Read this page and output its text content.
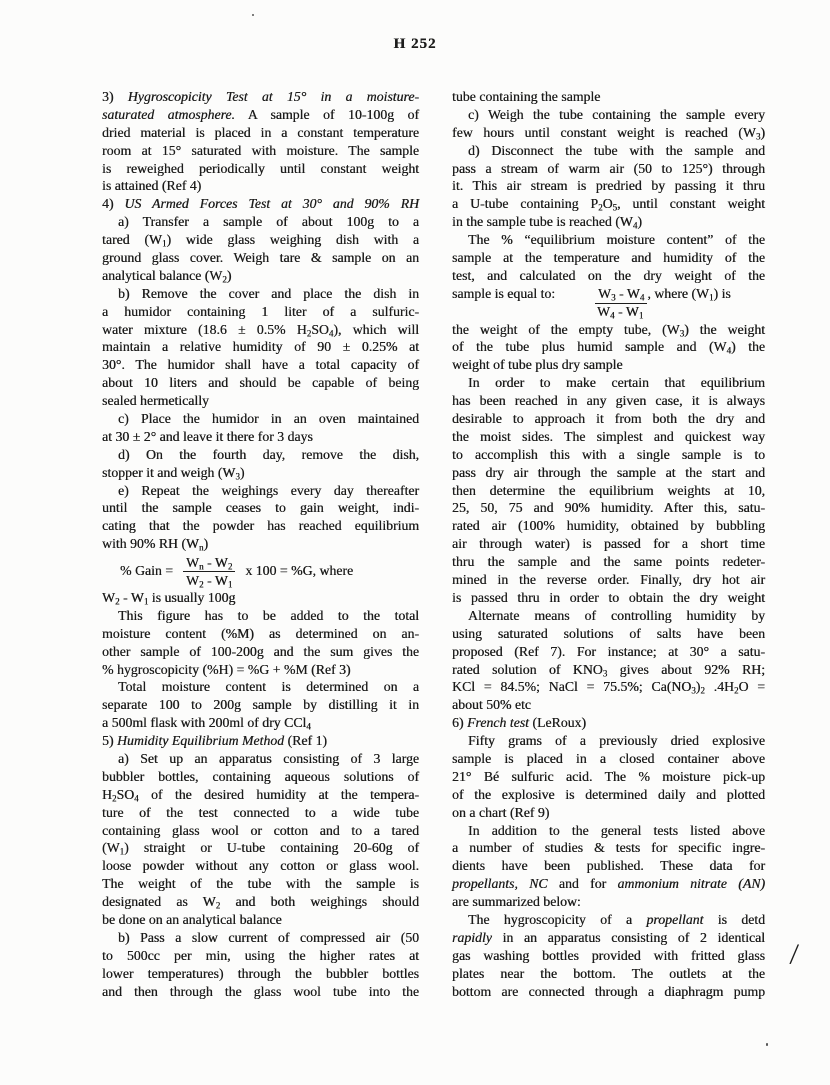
H 252
3) Hygroscopicity Test at 15° in a moisture-
saturated atmosphere. A sample of 10-100g of
dried material is placed in a constant temperature
room at 15° saturated with moisture. The sample
is reweighed periodically until constant weight
is attained (Ref 4)
4) US Armed Forces Test at 30° and 90% RH
a) Transfer a sample of about 100g to a
tared $(W_1)$ wide glass weighing dish with a
ground glass cover. Weigh tare & sample on an
analytical balance $(W_2)$
b) Remove the cover and place the dish in
a humidor containing 1 liter of a sulfuric-
water mixture (18.6 ± 0.5% $H_2SO_4$), which will
maintain a relative humidity of 90 ± 0.25% at
30°. The humidor shall have a total capacity of
about 10 liters and should be capable of being
sealed hermetically
c) Place the humidor in an oven maintained
at 30 ± 2° and leave it there for 3 days
d) On the fourth day, remove the dish,
stopper it and weigh $(W_3)$
e) Repeat the weighings every day thereafter
until the sample ceases to gain weight, indi-
cating that the powder has reached equilibrium
with 90% RH $(W_n)$
% Gain = $\frac{W_n - W_2}{W_2 - W_1}$ x 100 = %G, where
$W_2 - W_1$ is usually 100g
This figure has to be added to the total
moisture content (%M) as determined on an-
other sample of 100-200g and the sum gives the
% hygroscopicity (%H) = %G + %M (Ref 3)
Total moisture content is determined on a
separate 100 to 200g sample by distilling it in
a 500ml flask with 200ml of dry CCl$_4$
5) Humidity Equilibrium Method (Ref 1)
a) Set up an apparatus consisting of 3 large
bubbler bottles, containing aqueous solutions of
$H_2SO_4$ of the desired humidity at the tempera-
ture of the test connected to a wide tube
containing glass wool or cotton and to a tared
$(W_1)$ straight or U-tube containing 20-60g of
loose powder without any cotton or glass wool.
The weight of the tube with the sample is
designated as $W_2$ and both weighings should
be done on an analytical balance
b) Pass a slow current of compressed air (50
to 500cc per min, using the higher rates at
lower temperatures) through the bubbler bottles
and then through the glass wool tube into the
tube containing the sample
c) Weigh the tube containing the sample every
few hours until constant weight is reached $(W_3)$
d) Disconnect the tube with the sample and
pass a stream of warm air (50 to 125°) through
it. This air stream is predried by passing it thru
a U-tube containing $P_2O_5$, until constant weight
in the sample tube is reached $(W_4)$
The % “equilibrium moisture content” of the
sample at the temperature and humidity of the
test, and calculated on the dry weight of the
sample is equal to:	$W_3 - W_4$ , where $(W_1)$ is
$W_4 - W_1$
the weight of the empty tube, $(W_3)$ the weight
of the tube plus humid sample and $(W_4)$ the
weight of tube plus dry sample
In order to make certain that equilibrium
has been reached in any given case, it is always
desirable to approach it from both the dry and
the moist sides. The simplest and quickest way
to accomplish this with a single sample is to
pass dry air through the sample at the start and
then determine the equilibrium weights at 10,
25, 50, 75 and 90% humidity. After this, satu-
rated air (100% humidity, obtained by bubbling
air through water) is passed for a short time
thru the sample and the same points redeter-
mined in the reverse order. Finally, dry hot air
is passed thru in order to obtain the dry weight
Alternate means of controlling humidity by
using saturated solutions of salts have been
proposed (Ref 7). For instance; at 30° a satu-
rated solution of $KNO_3$ gives about 92% RH;
KCl = 84.5%; NaCl = 75.5%; $Ca(NO_3)_2$ $.4H_2O$ =
about 50% etc
6) French test (LeRoux)
Fifty grams of a previously dried explosive
sample is placed in a closed container above
21° Bé sulfuric acid. The % moisture pick-up
of the explosive is determined daily and plotted
on a chart (Ref 9)
In addition to the general tests listed above
a number of studies & tests for specific ingre-
dients have been published. These data for
propellants, NC and for ammonium nitrate (AN)
are summarized below:
The hygroscopicity of a propellant is detd
rapidly in an apparatus consisting of 2 identical
gas washing bottles provided with fritted glass
plates near the bottom. The outlets at the
bottom are connected through a diaphragm pump
/
